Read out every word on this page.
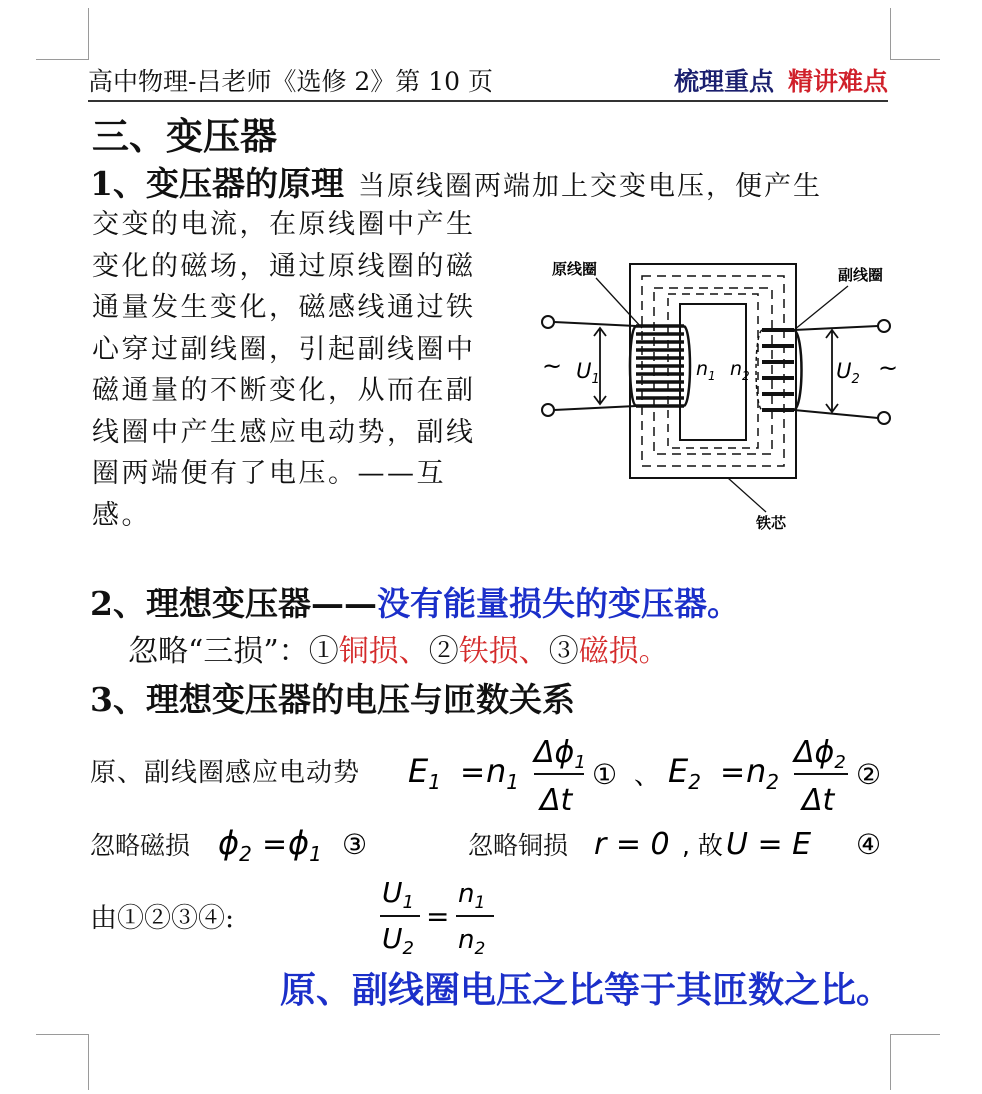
高中物理-吕老师《选修 2》第 10 页	梳理重点 精讲难点
三、变压器
1、变压器的原理 当原线圈两端加上交变电压，便产生
交变的电流，在原线圈中产生变化的磁场，通过原线圈的磁通量发生变化，磁感线通过铁心穿过副线圈，引起副线圈中磁通量的不断变化，从而在副线圈中产生感应电动势，副线圈两端便有了电压。——互感。
$U_1$	$U_2$
$n_1$ $n_2$
~	~
原线圈	副线圈
铁芯
2、理想变压器——没有能量损失的变压器。
忽略“三损”：①铜损、②铁损、③磁损。
3、理想变压器的电压与匝数关系
原、副线圈感应电动势 $E_1 = n_1$
$\Delta\phi_1$
Δt
① 、 $E_2 = n_2$
$\Delta\phi_2$
Δt
②
忽略磁损 $\phi_2 = \phi_1$ ③	忽略铜损 r = 0 , 故 U = E ④
由①②③④:
$U_1$
$U_2$
=
$n_1$
$n_2$
原、副线圈电压之比等于其匝数之比。
